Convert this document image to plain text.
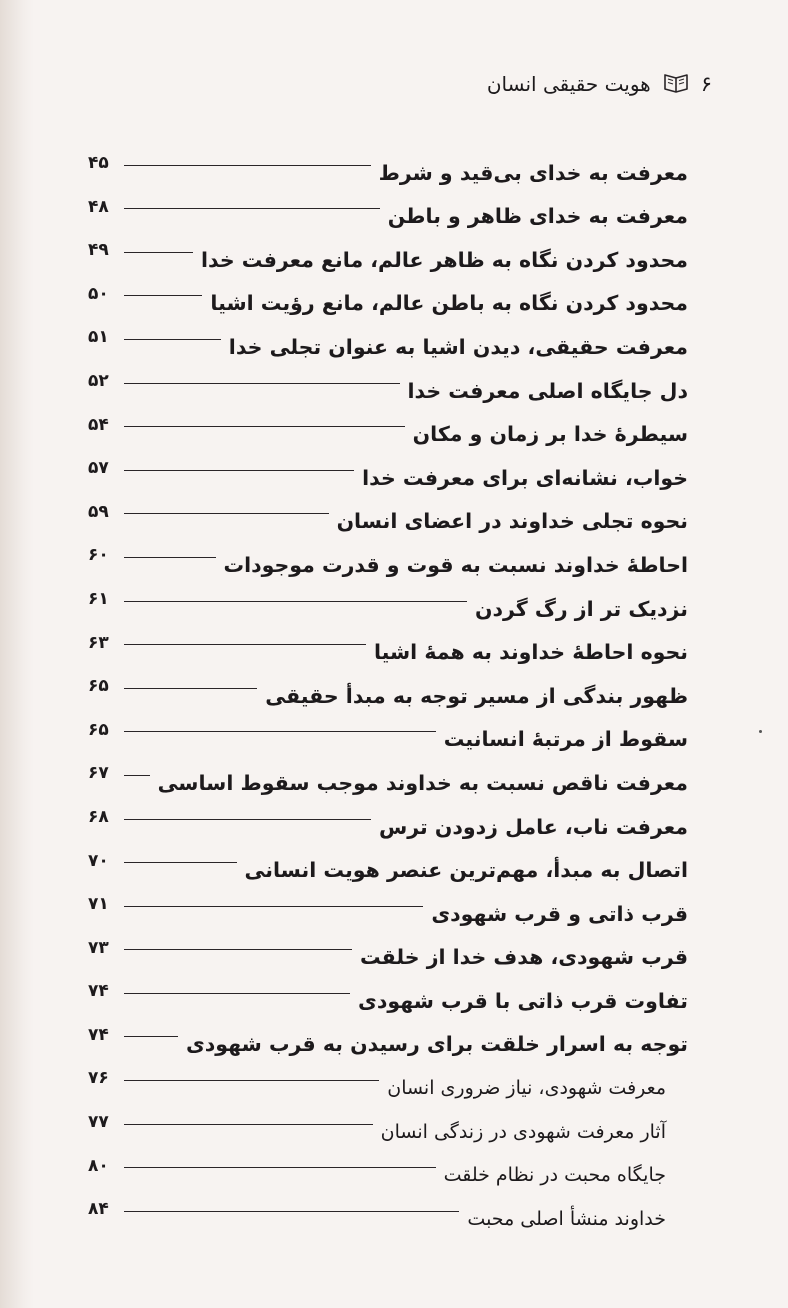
۶
هویت حقیقی انسان
معرفت به خدای بی‌قید و شرط
۴۵
معرفت به خدای ظاهر و باطن
۴۸
محدود کردن نگاه به ظاهر عالم، مانع معرفت خدا
۴۹
محدود کردن نگاه به باطن عالم، مانع رؤیت اشیا
۵۰
معرفت حقیقی، دیدن اشیا به عنوان تجلی خدا
۵۱
دل جایگاه اصلی معرفت خدا
۵۲
سیطرهٔ خدا بر زمان و مکان
۵۴
خواب، نشانه‌ای برای معرفت خدا
۵۷
نحوه تجلی خداوند در اعضای انسان
۵۹
احاطهٔ خداوند نسبت به قوت و قدرت موجودات
۶۰
نزدیک تر از رگ گردن
۶۱
نحوه احاطهٔ خداوند به همهٔ اشیا
۶۳
ظهور بندگی از مسیر توجه به مبدأ حقیقی
۶۵
سقوط از مرتبهٔ انسانیت
۶۵
معرفت ناقص نسبت به خداوند موجب سقوط اساسی
۶۷
معرفت ناب، عامل زدودن ترس
۶۸
اتصال به مبدأ، مهم‌ترین عنصر هویت انسانی
۷۰
قرب ذاتی و قرب شهودی
۷۱
قرب شهودی، هدف خدا از خلقت
۷۳
تفاوت قرب ذاتی با قرب شهودی
۷۴
توجه به اسرار خلقت برای رسیدن به قرب شهودی
۷۴
معرفت شهودی، نیاز ضروری انسان
۷۶
آثار معرفت شهودی در زندگی انسان
۷۷
جایگاه محبت در نظام خلقت
۸۰
خداوند منشأ اصلی محبت
۸۴
